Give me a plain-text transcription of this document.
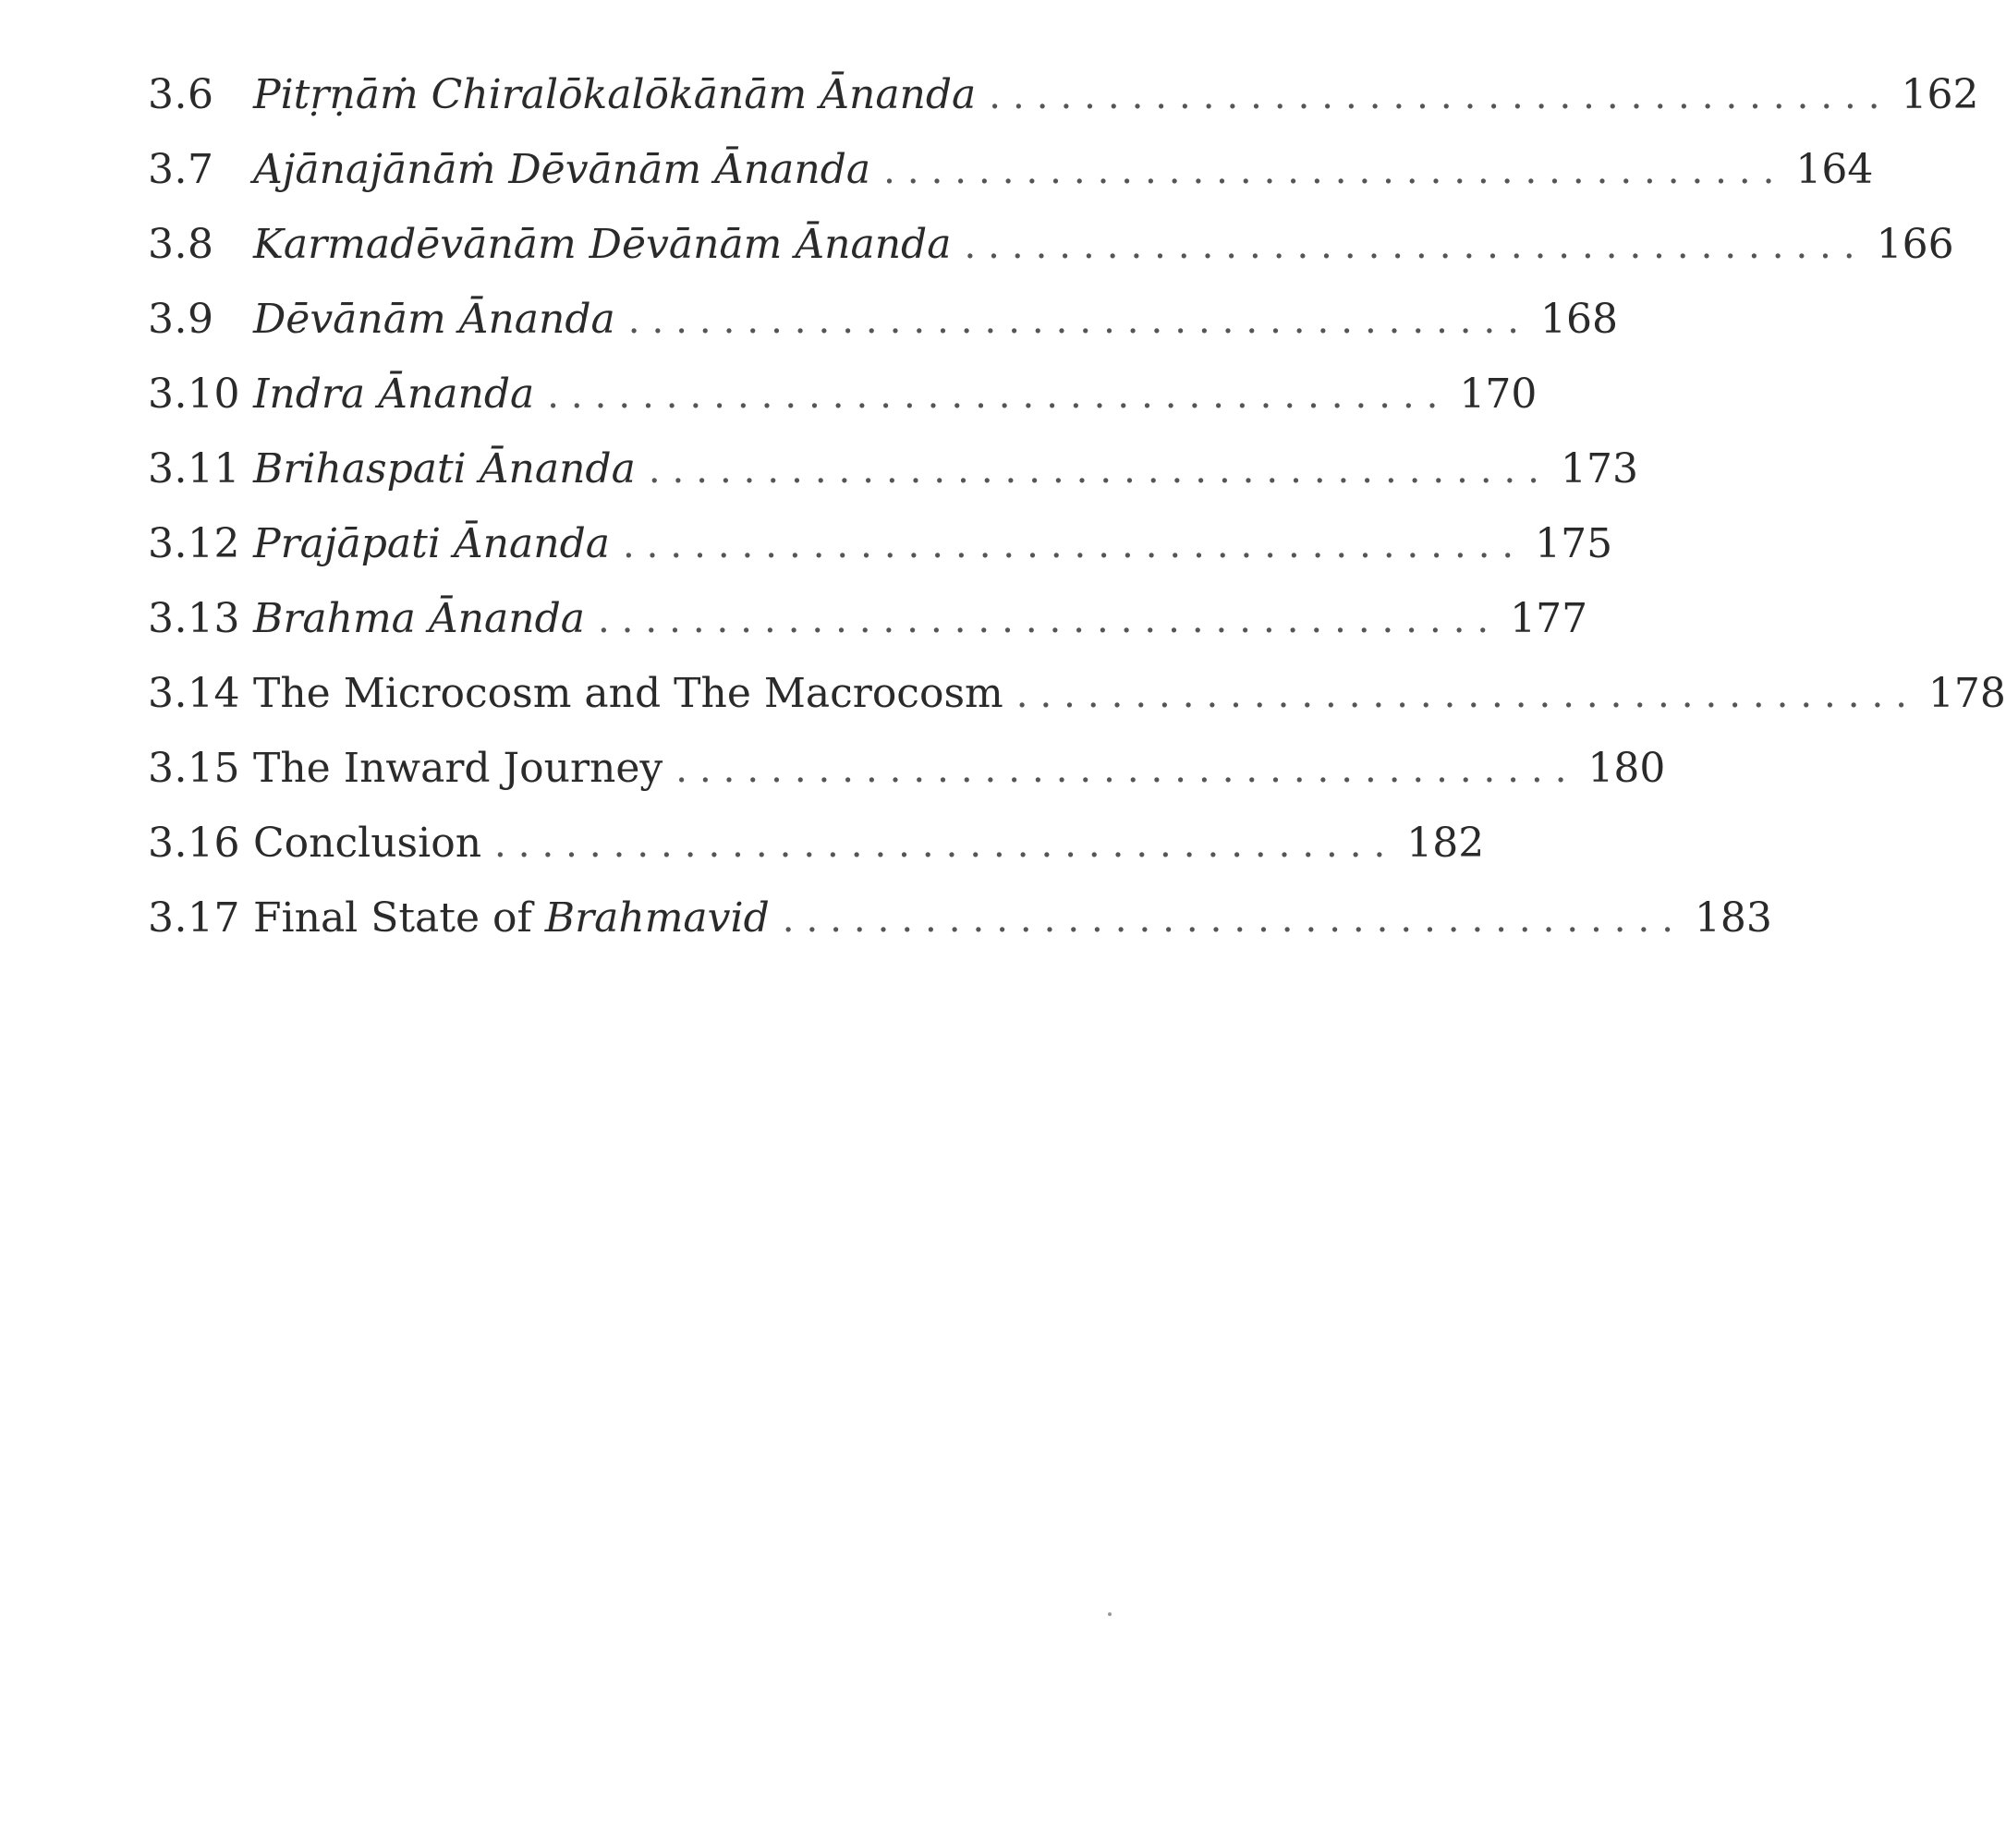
3.6 Pitṛṇāṁ Chiralōkalōkānām Ānanda ...................................... 162
3.7 Ajānajānāṁ Dēvānām Ānanda ...................................... 164
3.8 Karmadēvānām Dēvānām Ānanda ...................................... 166
3.9 Dēvānām Ānanda ...................................... 168
3.10 Indra Ānanda ...................................... 170
3.11 Brihaspati Ānanda ...................................... 173
3.12 Prajāpati Ānanda ...................................... 175
3.13 Brahma Ānanda ...................................... 177
3.14 The Microcosm and The Macrocosm ...................................... 178
3.15 The Inward Journey ...................................... 180
3.16 Conclusion ...................................... 182
3.17 Final State of Brahmavid ...................................... 183
